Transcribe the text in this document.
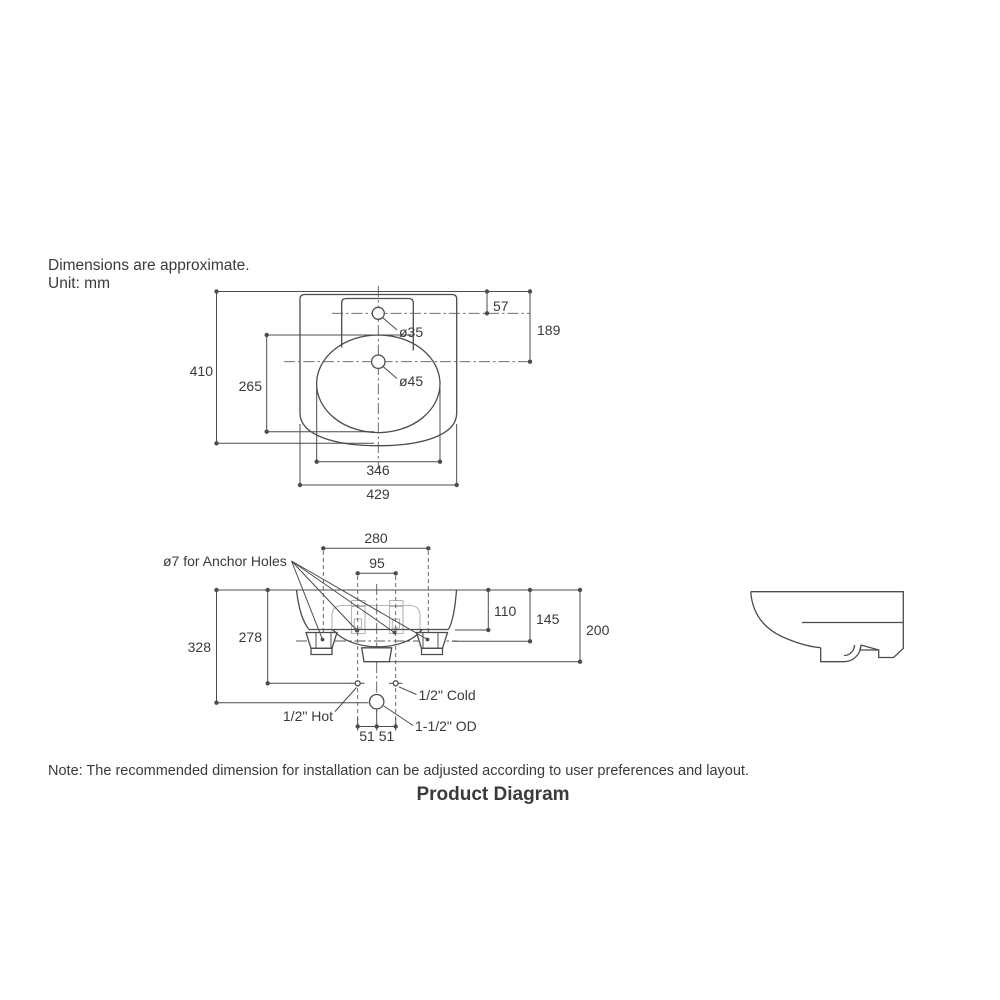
Dimensions are approximate.
Unit: mm
410
265
57
189
ø35
ø45
346
429
ø7 for Anchor Holes
280
95
110 145
200
328
278
51 51
1/2" Hot
1/2" Cold
1-1/2" OD
Note: The recommended dimension for installation can be adjusted according to user preferences and layout.
Product Diagram
